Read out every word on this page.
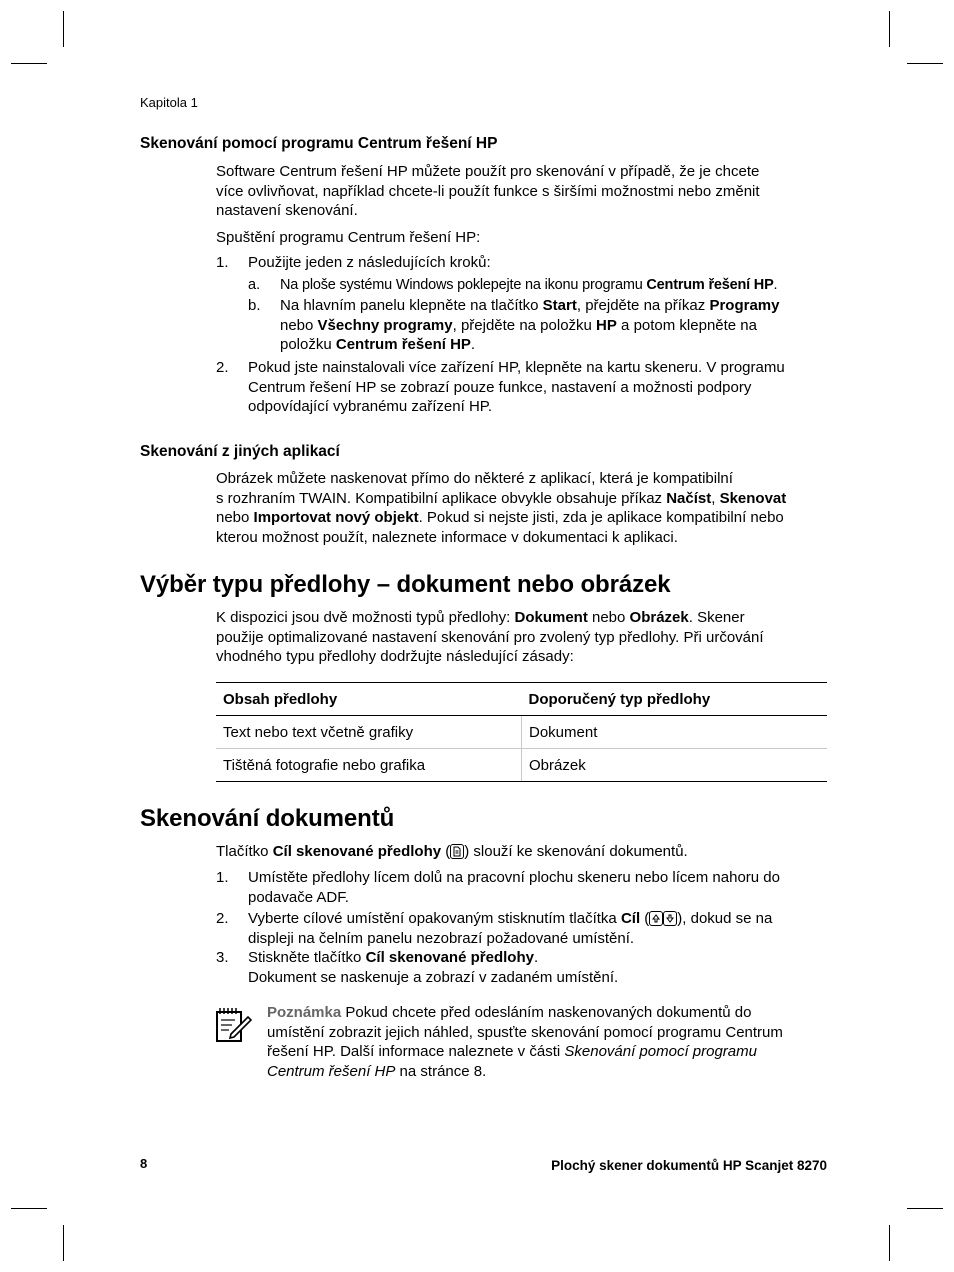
Kapitola 1
Skenování pomocí programu Centrum řešení HP
Software Centrum řešení HP můžete použít pro skenování v případě, že je chcete
více ovlivňovat, například chcete-li použít funkce s širšími možnostmi nebo změnit
nastavení skenování.
Spuštění programu Centrum řešení HP:
1. Použijte jeden z následujících kroků:
a. Na ploše systému Windows poklepejte na ikonu programu Centrum řešení HP.
b. Na hlavním panelu klepněte na tlačítko Start, přejděte na příkaz Programy
nebo Všechny programy, přejděte na položku HP a potom klepněte na
položku Centrum řešení HP.
2. Pokud jste nainstalovali více zařízení HP, klepněte na kartu skeneru. V programu
Centrum řešení HP se zobrazí pouze funkce, nastavení a možnosti podpory
odpovídající vybranému zařízení HP.
Skenování z jiných aplikací
Obrázek můžete naskenovat přímo do některé z aplikací, která je kompatibilní
s rozhraním TWAIN. Kompatibilní aplikace obvykle obsahuje příkaz Načíst, Skenovat
nebo Importovat nový objekt. Pokud si nejste jisti, zda je aplikace kompatibilní nebo
kterou možnost použít, naleznete informace v dokumentaci k aplikaci.
Výběr typu předlohy – dokument nebo obrázek
K dispozici jsou dvě možnosti typů předlohy: Dokument nebo Obrázek. Skener
použije optimalizované nastavení skenování pro zvolený typ předlohy. Při určování
vhodného typu předlohy dodržujte následující zásady:
Obsah předlohy	Doporučený typ předlohy
Text nebo text včetně grafiky	Dokument
Tištěná fotografie nebo grafika	Obrázek
Skenování dokumentů
Tlačítko Cíl skenované předlohy ( ) slouží ke skenování dokumentů.
1. Umístěte předlohy lícem dolů na pracovní plochu skeneru nebo lícem nahoru do
podavače ADF.
2. Vyberte cílové umístění opakovaným stisknutím tlačítka Cíl ( ), dokud se na
displeji na čelním panelu nezobrazí požadované umístění.
3. Stiskněte tlačítko Cíl skenované předlohy.
Dokument se naskenuje a zobrazí v zadaném umístění.
Poznámka Pokud chcete před odesláním naskenovaných dokumentů do
umístění zobrazit jejich náhled, spusťte skenování pomocí programu Centrum
řešení HP. Další informace naleznete v části Skenování pomocí programu
Centrum řešení HP na stránce 8.
8	Plochý skener dokumentů HP Scanjet 8270
